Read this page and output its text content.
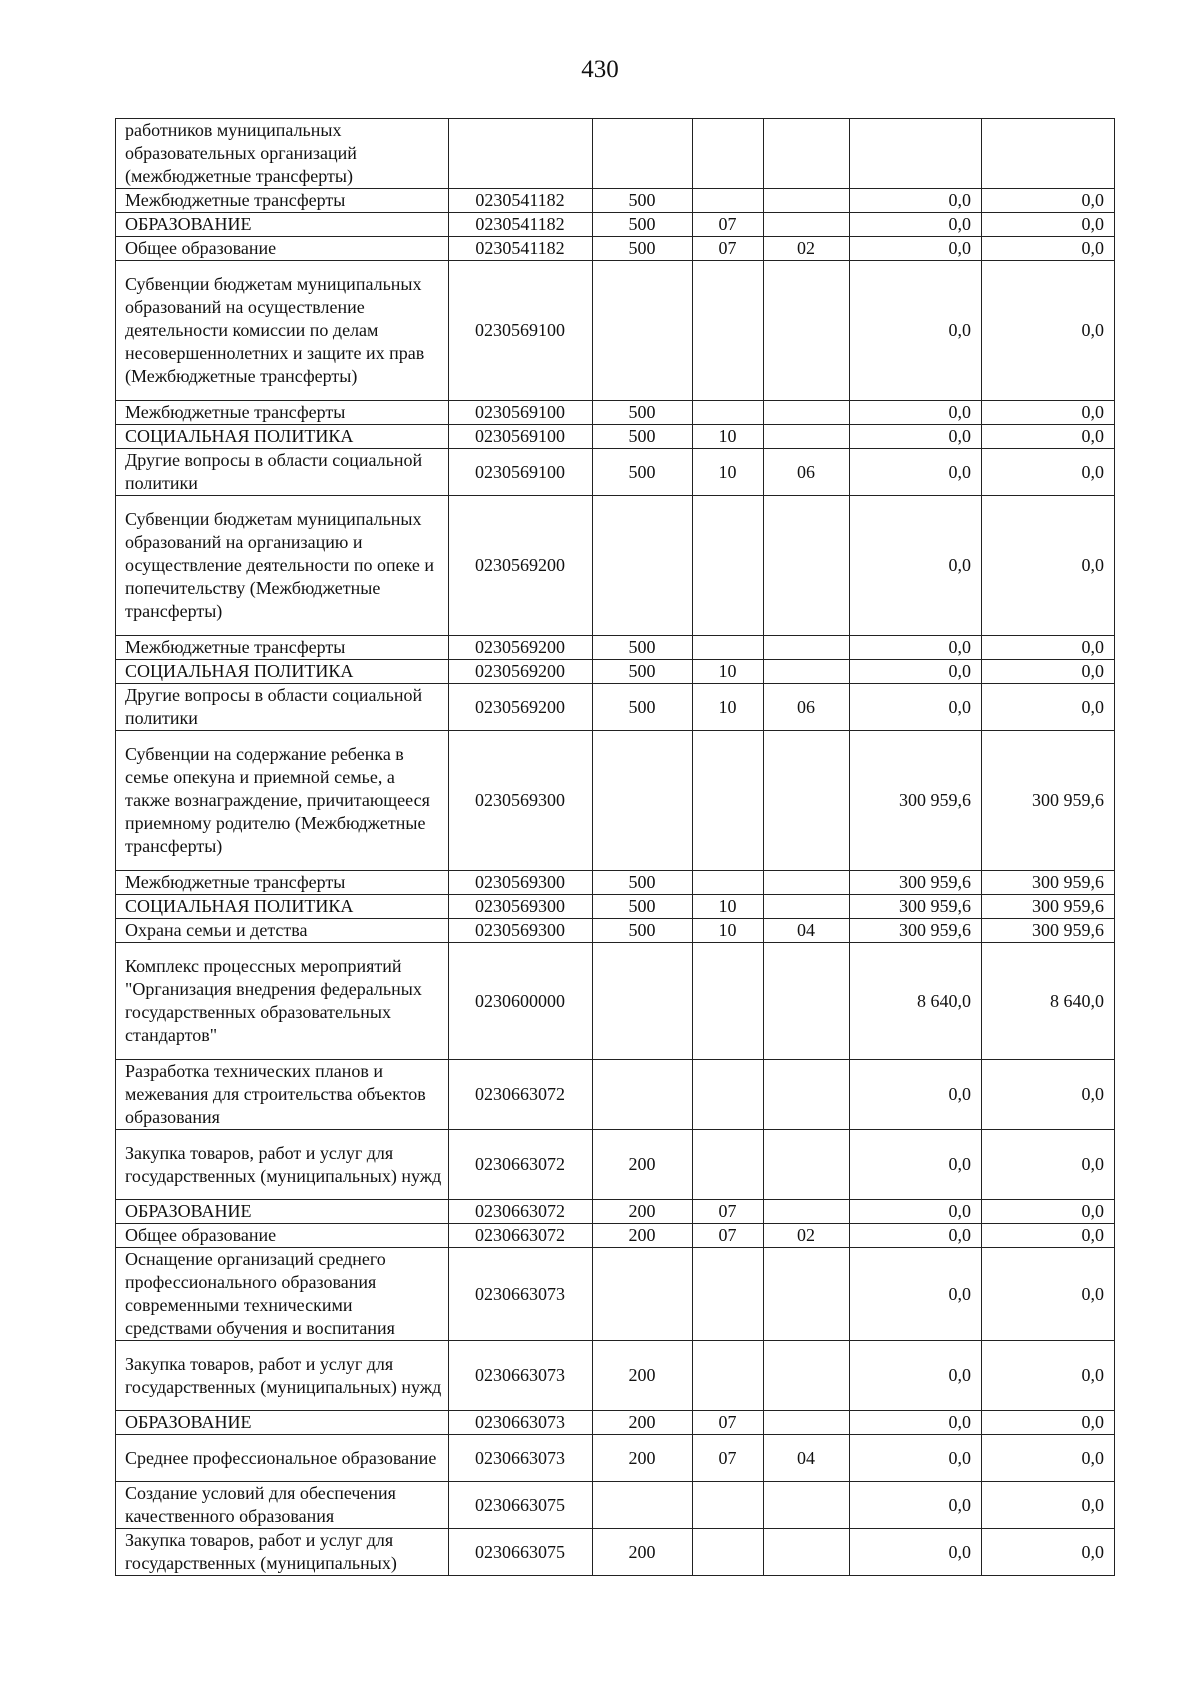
430
работников муниципальных образовательных организаций (межбюджетные трансферты)						
Межбюджетные трансферты	0230541182	500			0,0	0,0
ОБРАЗОВАНИЕ	0230541182	500	07		0,0	0,0
Общее образование	0230541182	500	07	02	0,0	0,0
Субвенции бюджетам муниципальных образований на осуществление деятельности комиссии по делам несовершеннолетних и защите их прав (Межбюджетные трансферты)	0230569100				0,0	0,0
Межбюджетные трансферты	0230569100	500			0,0	0,0
СОЦИАЛЬНАЯ ПОЛИТИКА	0230569100	500	10		0,0	0,0
Другие вопросы в области социальной политики	0230569100	500	10	06	0,0	0,0
Субвенции бюджетам муниципальных образований на организацию и осуществление деятельности по опеке и попечительству (Межбюджетные трансферты)	0230569200				0,0	0,0
Межбюджетные трансферты	0230569200	500			0,0	0,0
СОЦИАЛЬНАЯ ПОЛИТИКА	0230569200	500	10		0,0	0,0
Другие вопросы в области социальной политики	0230569200	500	10	06	0,0	0,0
Субвенции на содержание ребенка в семье опекуна и приемной семье, а также вознаграждение, причитающееся приемному родителю (Межбюджетные трансферты)	0230569300				300 959,6	300 959,6
Межбюджетные трансферты	0230569300	500			300 959,6	300 959,6
СОЦИАЛЬНАЯ ПОЛИТИКА	0230569300	500	10		300 959,6	300 959,6
Охрана семьи и детства	0230569300	500	10	04	300 959,6	300 959,6
Комплекс процессных мероприятий "Организация внедрения федеральных государственных образовательных стандартов"	0230600000				8 640,0	8 640,0
Разработка технических планов и межевания для строительства объектов образования	0230663072				0,0	0,0
Закупка товаров, работ и услуг для государственных (муниципальных) нужд	0230663072	200			0,0	0,0
ОБРАЗОВАНИЕ	0230663072	200	07		0,0	0,0
Общее образование	0230663072	200	07	02	0,0	0,0
Оснащение организаций среднего профессионального образования современными техническими средствами обучения и воспитания	0230663073				0,0	0,0
Закупка товаров, работ и услуг для государственных (муниципальных) нужд	0230663073	200			0,0	0,0
ОБРАЗОВАНИЕ	0230663073	200	07		0,0	0,0
Среднее профессиональное образование	0230663073	200	07	04	0,0	0,0
Создание условий для обеспечения качественного образования	0230663075				0,0	0,0
Закупка товаров, работ и услуг для государственных (муниципальных)	0230663075	200			0,0	0,0
